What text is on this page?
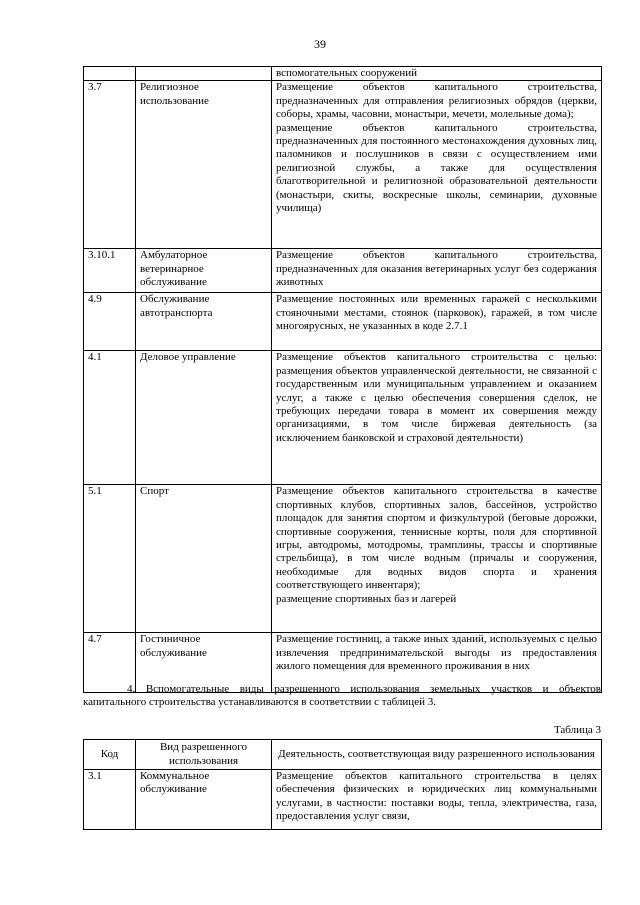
39
		вспомогательных сооружений
3.7	Религиозное
использование	Размещение объектов капитального строительства, предназначенных для отправления религиозных обрядов (церкви, соборы, храмы, часовни, монастыри, мечети, молельные дома);
размещение объектов капитального строительства, предназначенных для постоянного местонахождения духовных лиц, паломников и послушников в связи с осуществлением ими религиозной службы, а также для осуществления благотворительной и религиозной образовательной деятельности (монастыри, скиты, воскресные школы, семинарии, духовные училища)
3.10.1	Амбулаторное
ветеринарное
обслуживание	Размещение объектов капитального строительства, предназначенных для оказания ветеринарных услуг без содержания животных
4.9	Обслуживание
автотранспорта	Размещение постоянных или временных гаражей с несколькими стояночными местами, стоянок (парковок), гаражей, в том числе многоярусных, не указанных в коде 2.7.1
4.1	Деловое управление	Размещение объектов капитального строительства с целью: размещения объектов управленческой деятельности, не связанной с государственным или муниципальным управлением и оказанием услуг, а также с целью обеспечения совершения сделок, не требующих передачи товара в момент их совершения между организациями, в том числе биржевая деятельность (за исключением банковской и страховой деятельности)
5.1	Спорт	Размещение объектов капитального строительства в качестве спортивных клубов, спортивных залов, бассейнов, устройство площадок для занятия спортом и физкультурой (беговые дорожки, спортивные сооружения, теннисные корты, поля для спортивной игры, автодромы, мотодромы, трамплины, трассы и спортивные стрельбища), в том числе водным (причалы и сооружения, необходимые для водных видов спорта и хранения соответствующего инвентаря);
размещение спортивных баз и лагерей
4.7	Гостиничное
обслуживание	Размещение гостиниц, а также иных зданий, используемых с целью извлечения предпринимательской выгоды из предоставления жилого помещения для временного проживания в них

4. Вспомогательные виды разрешенного использования земельных участков и объектов капитального строительства устанавливаются в соответствии с таблицей 3.

Таблица 3
Код	Вид разрешенного использования	Деятельность, соответствующая виду разрешенного использования
3.1	Коммунальное
обслуживание	Размещение объектов капитального строительства в целях обеспечения физических и юридических лиц коммунальными услугами, в частности: поставки воды, тепла, электричества, газа, предоставления услуг связи,
